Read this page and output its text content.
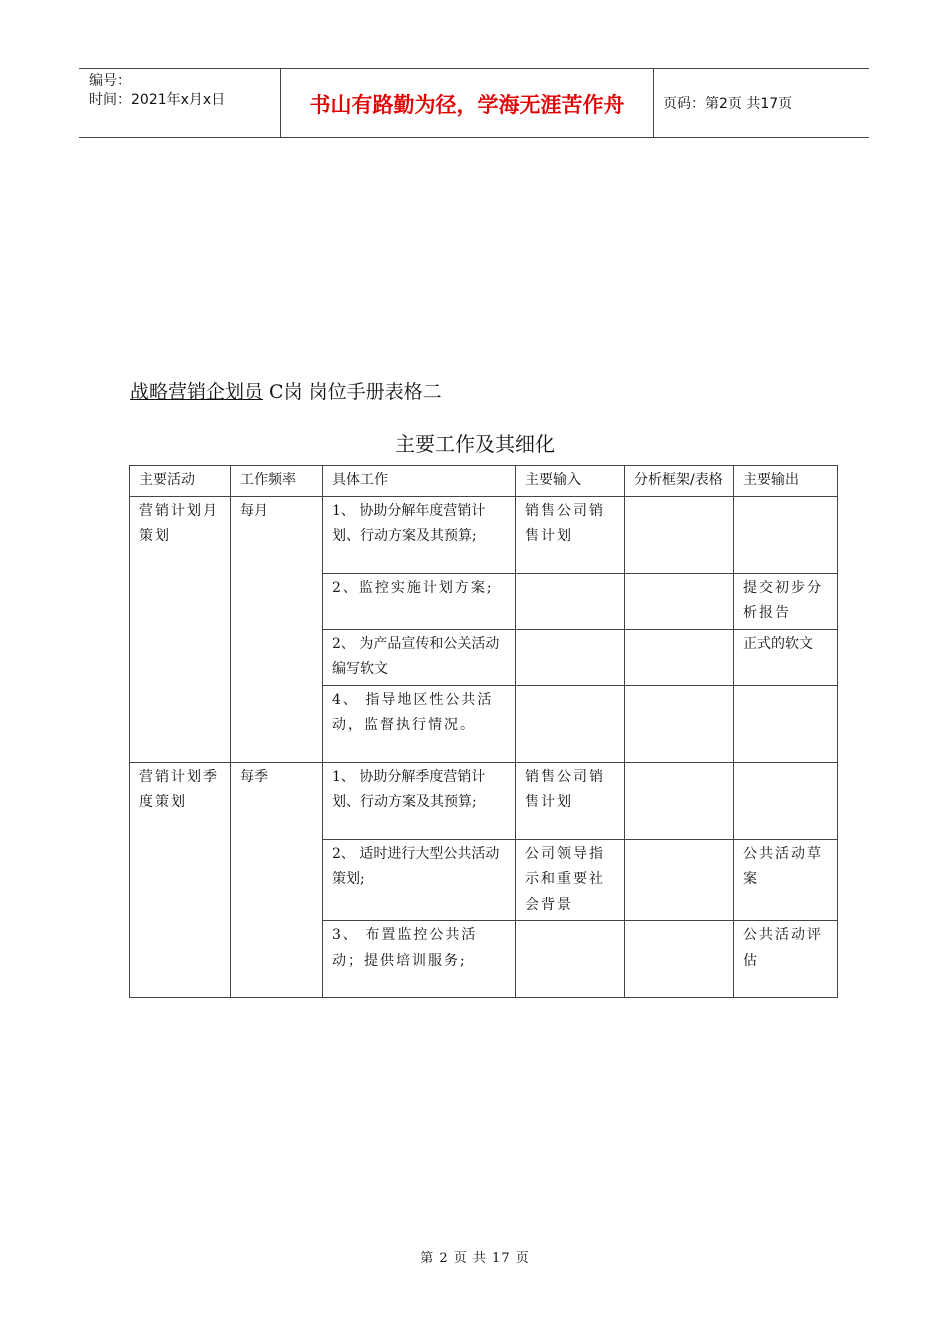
编号：
时间：2021年x月x日	书山有路勤为径，学海无涯苦作舟	页码：第2页 共17页
战略营销企划员 C岗 岗位手册表格二
主要工作及其细化
主要活动	工作频率	具体工作	主要输入	分析框架/表格	主要输出
营销计划月策划	每月	1、 协助分解年度营销计划、行动方案及其预算;	销售公司销售计划		
		2、监控实施计划方案;			提交初步分析报告
		2、 为产品宣传和公关活动编写软文			正式的软文
		4、 指导地区性公共活动，监督执行情况。			
营销计划季度策划	每季	1、 协助分解季度营销计划、行动方案及其预算;	销售公司销售计划		
		2、 适时进行大型公共活动策划;	公司领导指示和重要社会背景		公共活动草案
		3、 布置监控公共活动；提供培训服务;			公共活动评估
第 2 页 共 17 页
